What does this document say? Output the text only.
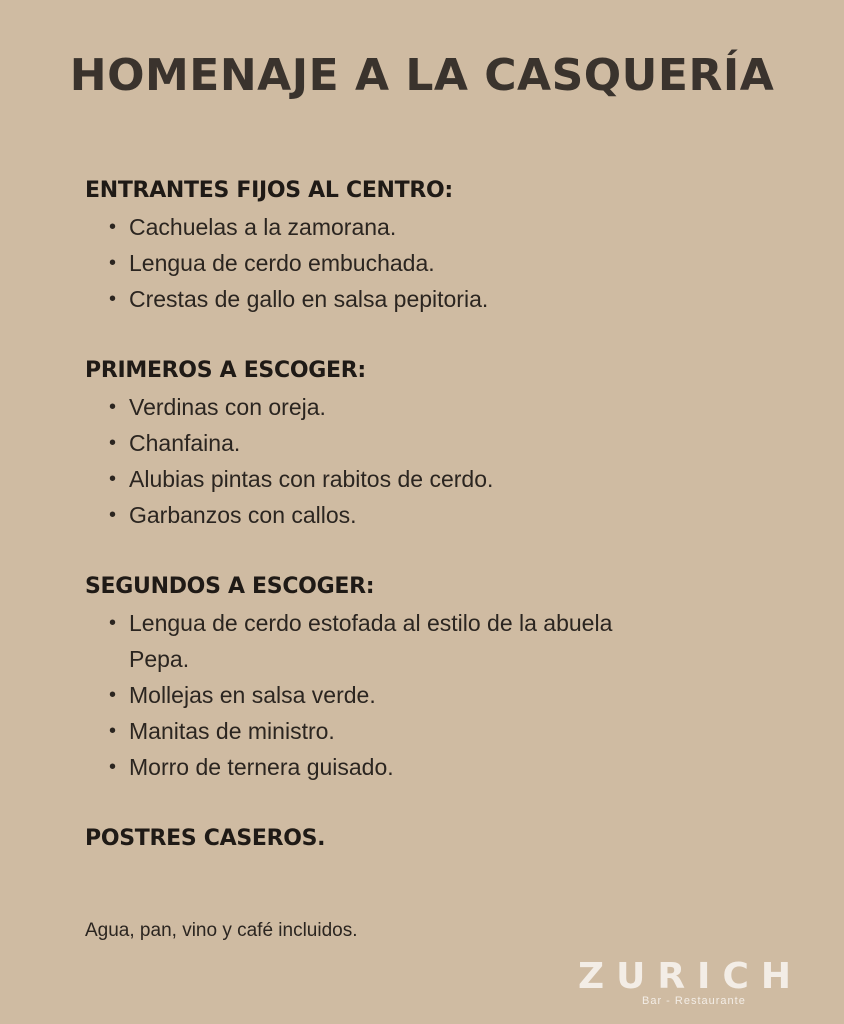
HOMENAJE A LA CASQUERÍA
ENTRANTES FIJOS AL CENTRO:
• Cachuelas a la zamorana.
• Lengua de cerdo embuchada.
• Crestas de gallo en salsa pepitoria.
PRIMEROS A ESCOGER:
• Verdinas con oreja.
• Chanfaina.
• Alubias pintas con rabitos de cerdo.
• Garbanzos con callos.
SEGUNDOS A ESCOGER:
• Lengua de cerdo estofada al estilo de la abuela Pepa.
• Mollejas en salsa verde.
• Manitas de ministro.
• Morro de ternera guisado.
POSTRES CASEROS.
Agua, pan, vino y café incluidos.
ZURICH
Bar - Restaurante
